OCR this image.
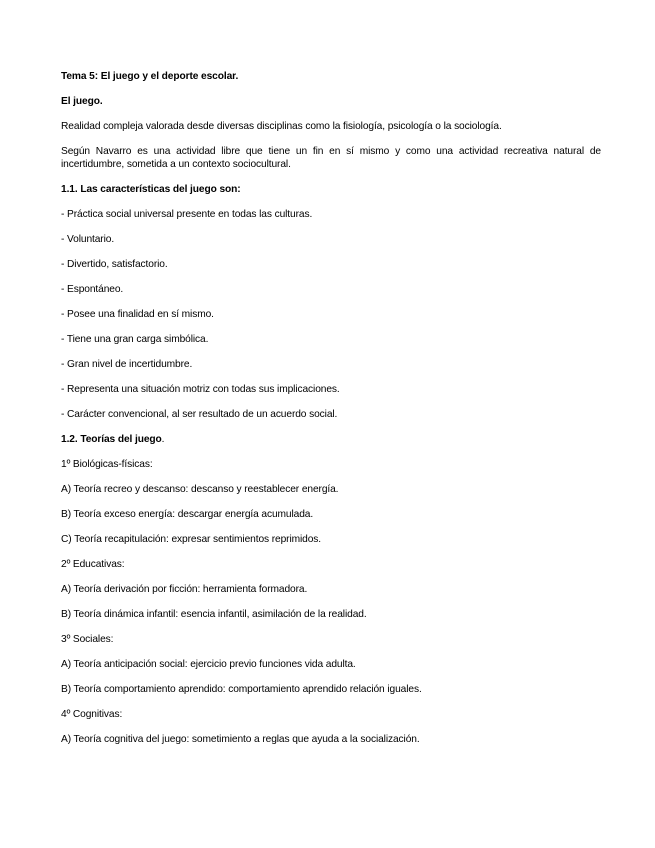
Tema 5: El juego y el deporte escolar.

El juego.

Realidad compleja valorada desde diversas disciplinas como la fisiología, psicología o la sociología.

Según Navarro es una actividad libre que tiene un fin en sí mismo y como una actividad recreativa natural de incertidumbre, sometida a un contexto sociocultural.

1.1. Las características del juego son:

- Práctica social universal presente en todas las culturas.

- Voluntario.

- Divertido, satisfactorio.

- Espontáneo.

- Posee una finalidad en sí mismo.

- Tiene una gran carga simbólica.

- Gran nivel de incertidumbre.

- Representa una situación motriz con todas sus implicaciones.

- Carácter convencional, al ser resultado de un acuerdo social.

1.2. Teorías del juego.

1º Biológicas-físicas:

A) Teoría recreo y descanso: descanso y reestablecer energía.

B) Teoría exceso energía: descargar energía acumulada.

C) Teoría recapitulación: expresar sentimientos reprimidos.

2º Educativas:

A) Teoría derivación por ficción: herramienta formadora.

B) Teoría dinámica infantil: esencia infantil, asimilación de la realidad.

3º Sociales:

A) Teoría anticipación social: ejercicio previo funciones vida adulta.

B) Teoría comportamiento aprendido: comportamiento aprendido relación iguales.

4º Cognitivas:

A) Teoría cognitiva del juego: sometimiento a reglas que ayuda a la socialización.
